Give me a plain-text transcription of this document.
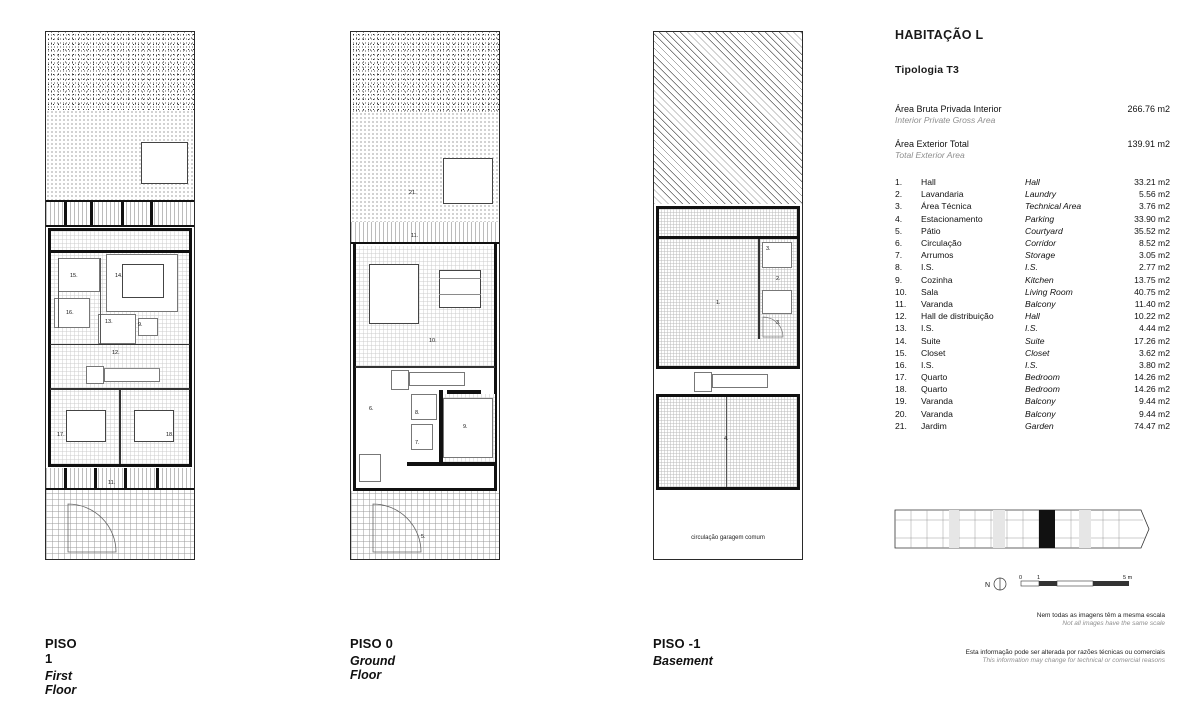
15.	14.
16.
13.	9.
12.
17.	18.
11.
PISO 1
First Floor
21.
11.
10.
8.
6.
7.
9.
5.
PISO 0
Ground Floor
3.
1.
2.
3.
4.
circulação garagem comum
PISO -1
Basement
HABITAÇÃO L
Tipologia T3
Área Bruta Privada Interior
Interior Private Gross Area
266.76 m2
Área Exterior Total
Total Exterior Area
139.91 m2
1.	Hall	Hall	33.21 m2
2.	Lavandaria	Laundry	5.56 m2
3.	Área Técnica	Technical Area	3.76 m2
4.	Estacionamento	Parking	33.90 m2
5.	Pátio	Courtyard	35.52 m2
6.	Circulação	Corridor	8.52 m2
7.	Arrumos	Storage	3.05 m2
8.	I.S.	I.S.	2.77 m2
9.	Cozinha	Kitchen	13.75 m2
10.	Sala	Living Room	40.75 m2
11.	Varanda	Balcony	11.40 m2
12.	Hall de distribuição	Hall	10.22 m2
13.	I.S.	I.S.	4.44 m2
14.	Suite	Suite	17.26 m2
15.	Closet	Closet	3.62 m2
16.	I.S.	I.S.	3.80 m2
17.	Quarto	Bedroom	14.26 m2
18.	Quarto	Bedroom	14.26 m2
19.	Varanda	Balcony	9.44 m2
20.	Varanda	Balcony	9.44 m2
21.	Jardim	Garden	74.47 m2
N
0	1	5 m
Nem todas as imagens têm a mesma escala
Not all images have the same scale
Esta informação pode ser alterada por razões técnicas ou comerciais
This information may change for technical or comercial reasons
